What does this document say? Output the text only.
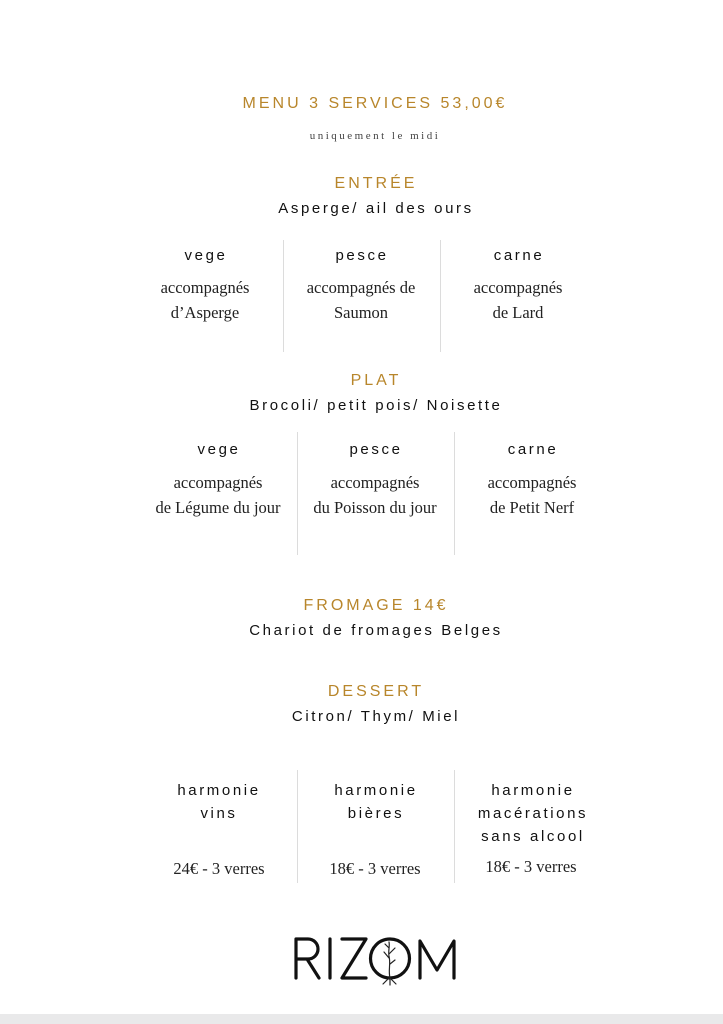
MENU 3 SERVICES 53,00€
uniquement le midi
ENTRÉE
Asperge/ ail des ours
vege
accompagnés
d’Asperge
pesce
accompagnés de
Saumon
carne
accompagnés
de Lard
PLAT
Brocoli/ petit pois/ Noisette
vege
accompagnés
de Légume du jour
pesce
accompagnés
du Poisson du jour
carne
accompagnés
de Petit Nerf
FROMAGE 14€
Chariot de fromages Belges
DESSERT
Citron/ Thym/ Miel
harmonie
vins
24€ - 3 verres
harmonie
bières
18€ - 3 verres
harmonie
macérations
sans alcool
18€ - 3 verres
